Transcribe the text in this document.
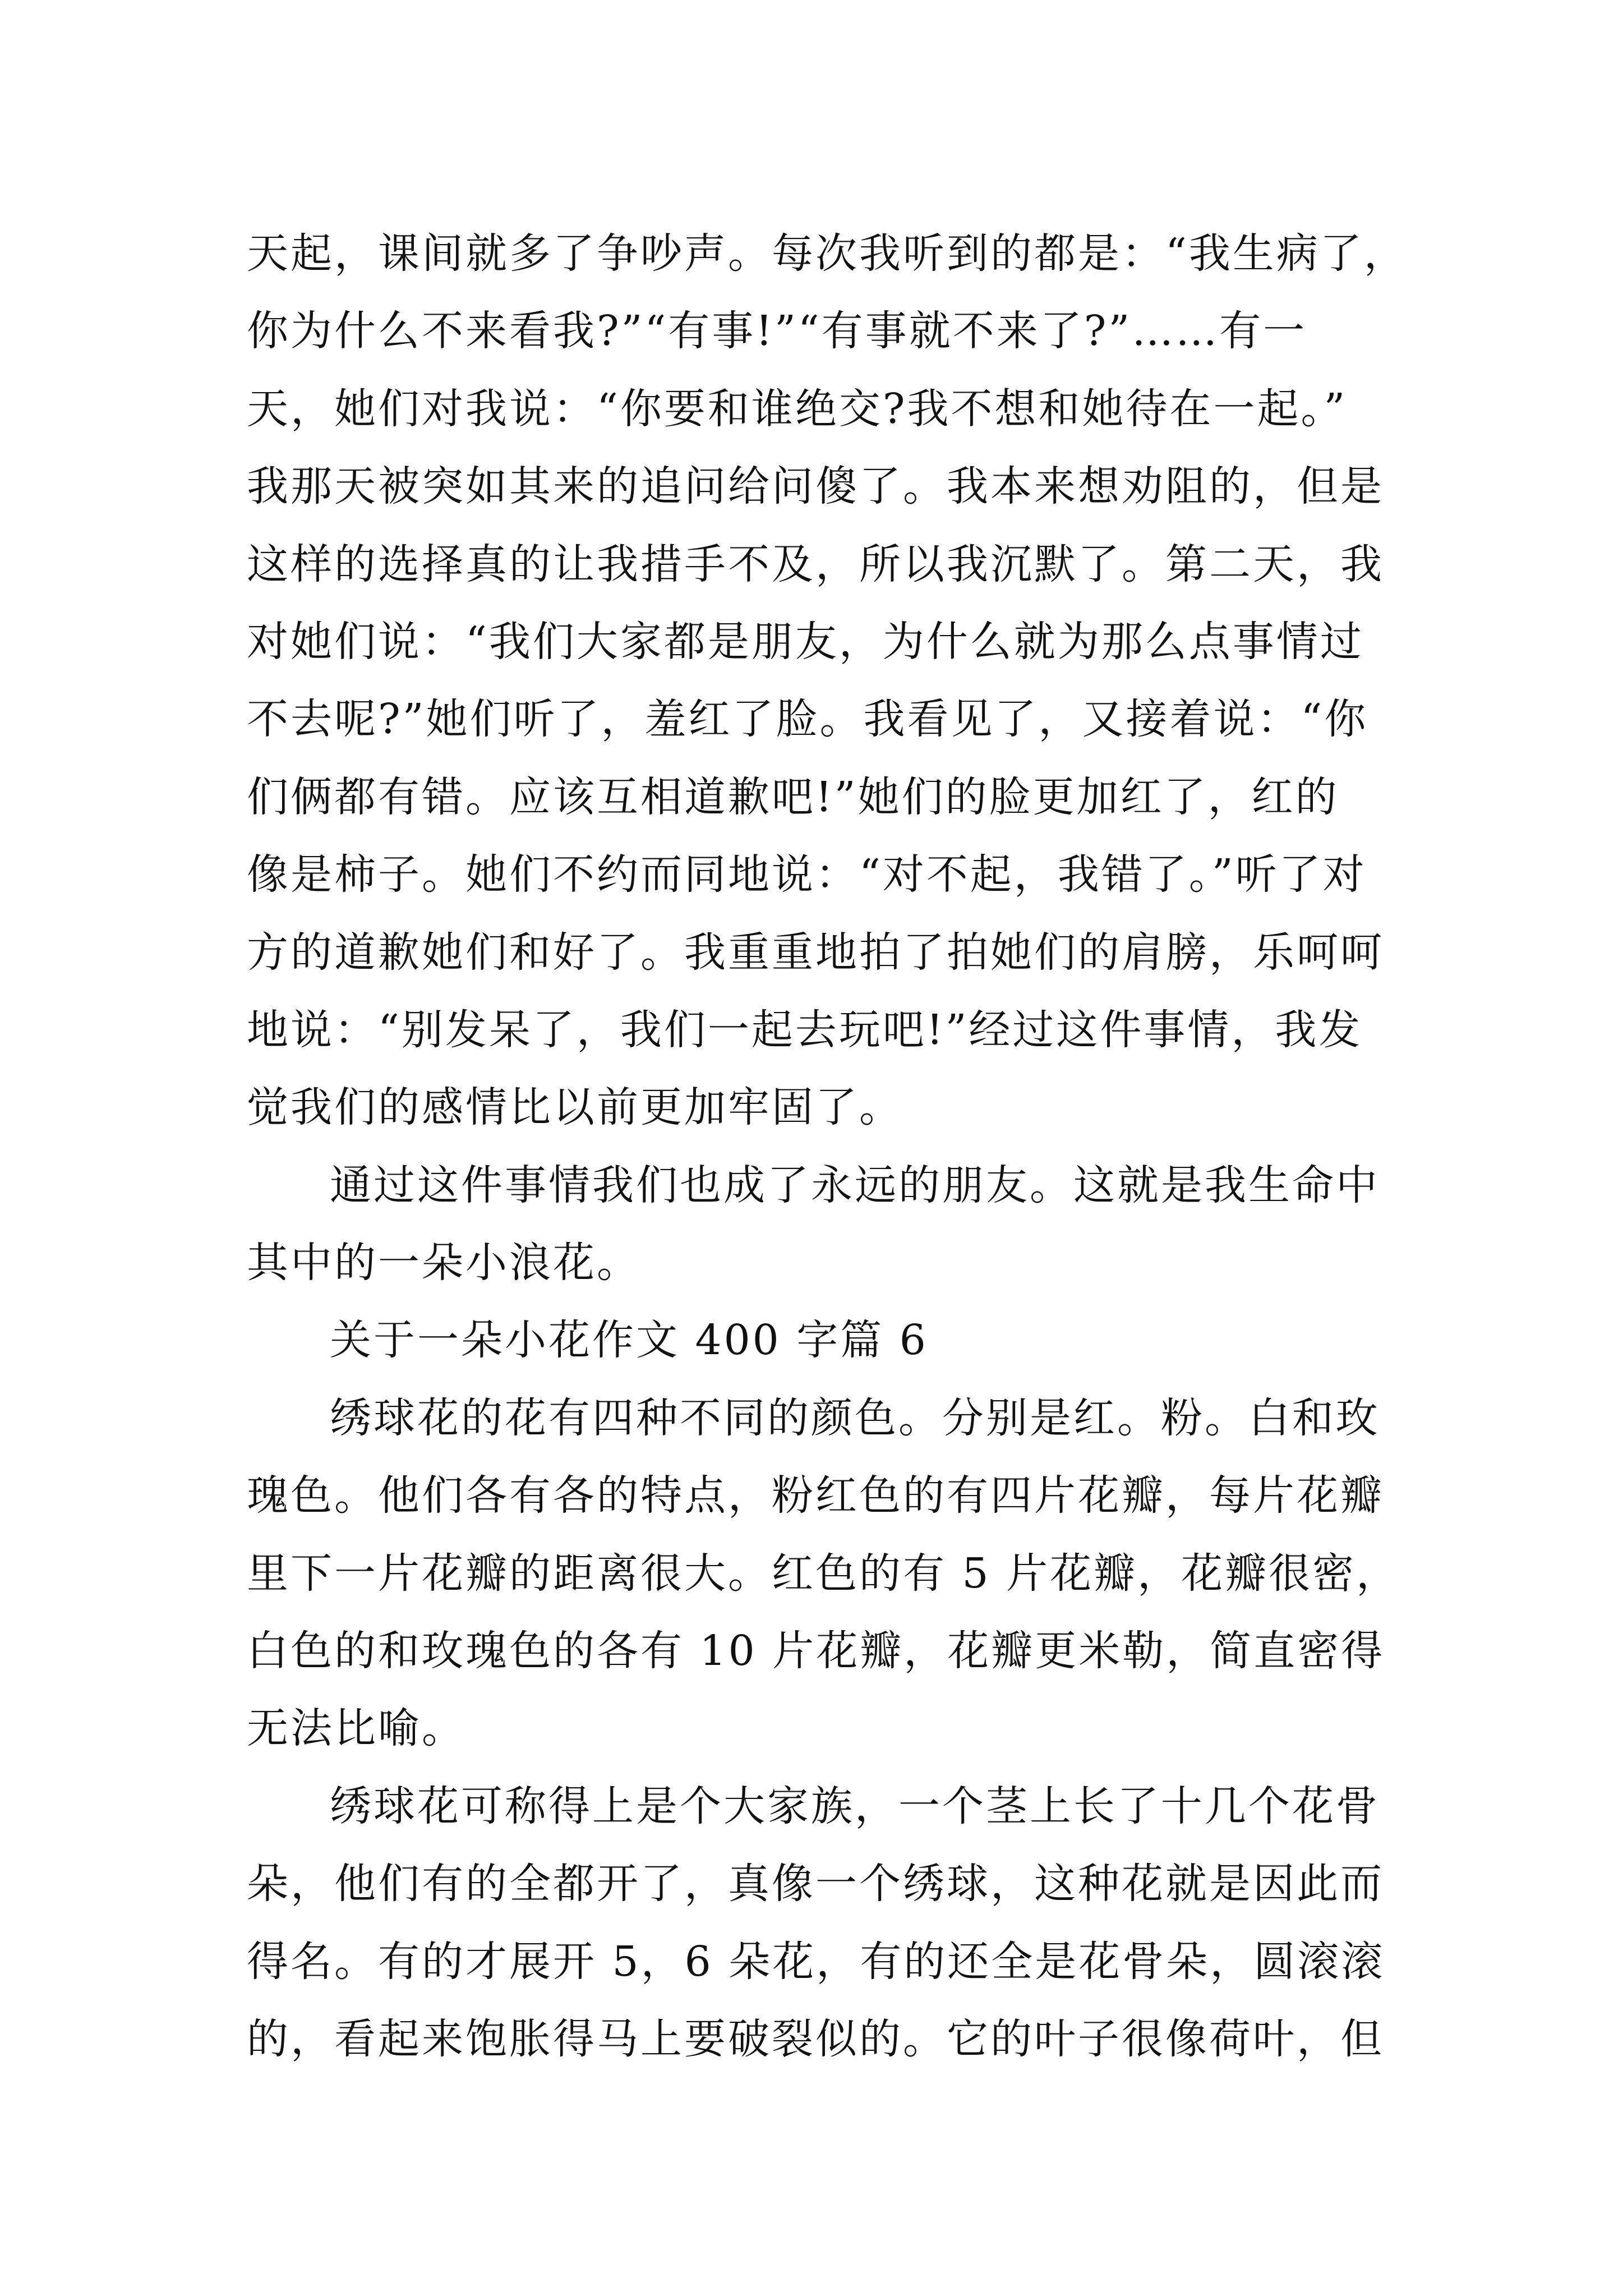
天起，课间就多了争吵声。每次我听到的都是：“我生病了，
你为什么不来看我?”“有事!”“有事就不来了?”……有一
天，她们对我说：“你要和谁绝交?我不想和她待在一起。”
我那天被突如其来的追问给问傻了。我本来想劝阻的，但是
这样的选择真的让我措手不及，所以我沉默了。第二天，我
对她们说：“我们大家都是朋友，为什么就为那么点事情过
不去呢?”她们听了，羞红了脸。我看见了，又接着说：“你
们俩都有错。应该互相道歉吧!”她们的脸更加红了，红的
像是柿子。她们不约而同地说：“对不起，我错了。”听了对
方的道歉她们和好了。我重重地拍了拍她们的肩膀，乐呵呵
地说：“别发呆了，我们一起去玩吧!”经过这件事情，我发
觉我们的感情比以前更加牢固了。
通过这件事情我们也成了永远的朋友。这就是我生命中
其中的一朵小浪花。
关于一朵小花作文 400 字篇 6
绣球花的花有四种不同的颜色。分别是红。粉。白和玫
瑰色。他们各有各的特点，粉红色的有四片花瓣，每片花瓣
里下一片花瓣的距离很大。红色的有 5 片花瓣，花瓣很密，
白色的和玫瑰色的各有 10 片花瓣，花瓣更米勒，简直密得
无法比喻。
绣球花可称得上是个大家族，一个茎上长了十几个花骨
朵，他们有的全都开了，真像一个绣球，这种花就是因此而
得名。有的才展开 5，6 朵花，有的还全是花骨朵，圆滚滚
的，看起来饱胀得马上要破裂似的。它的叶子很像荷叶，但
